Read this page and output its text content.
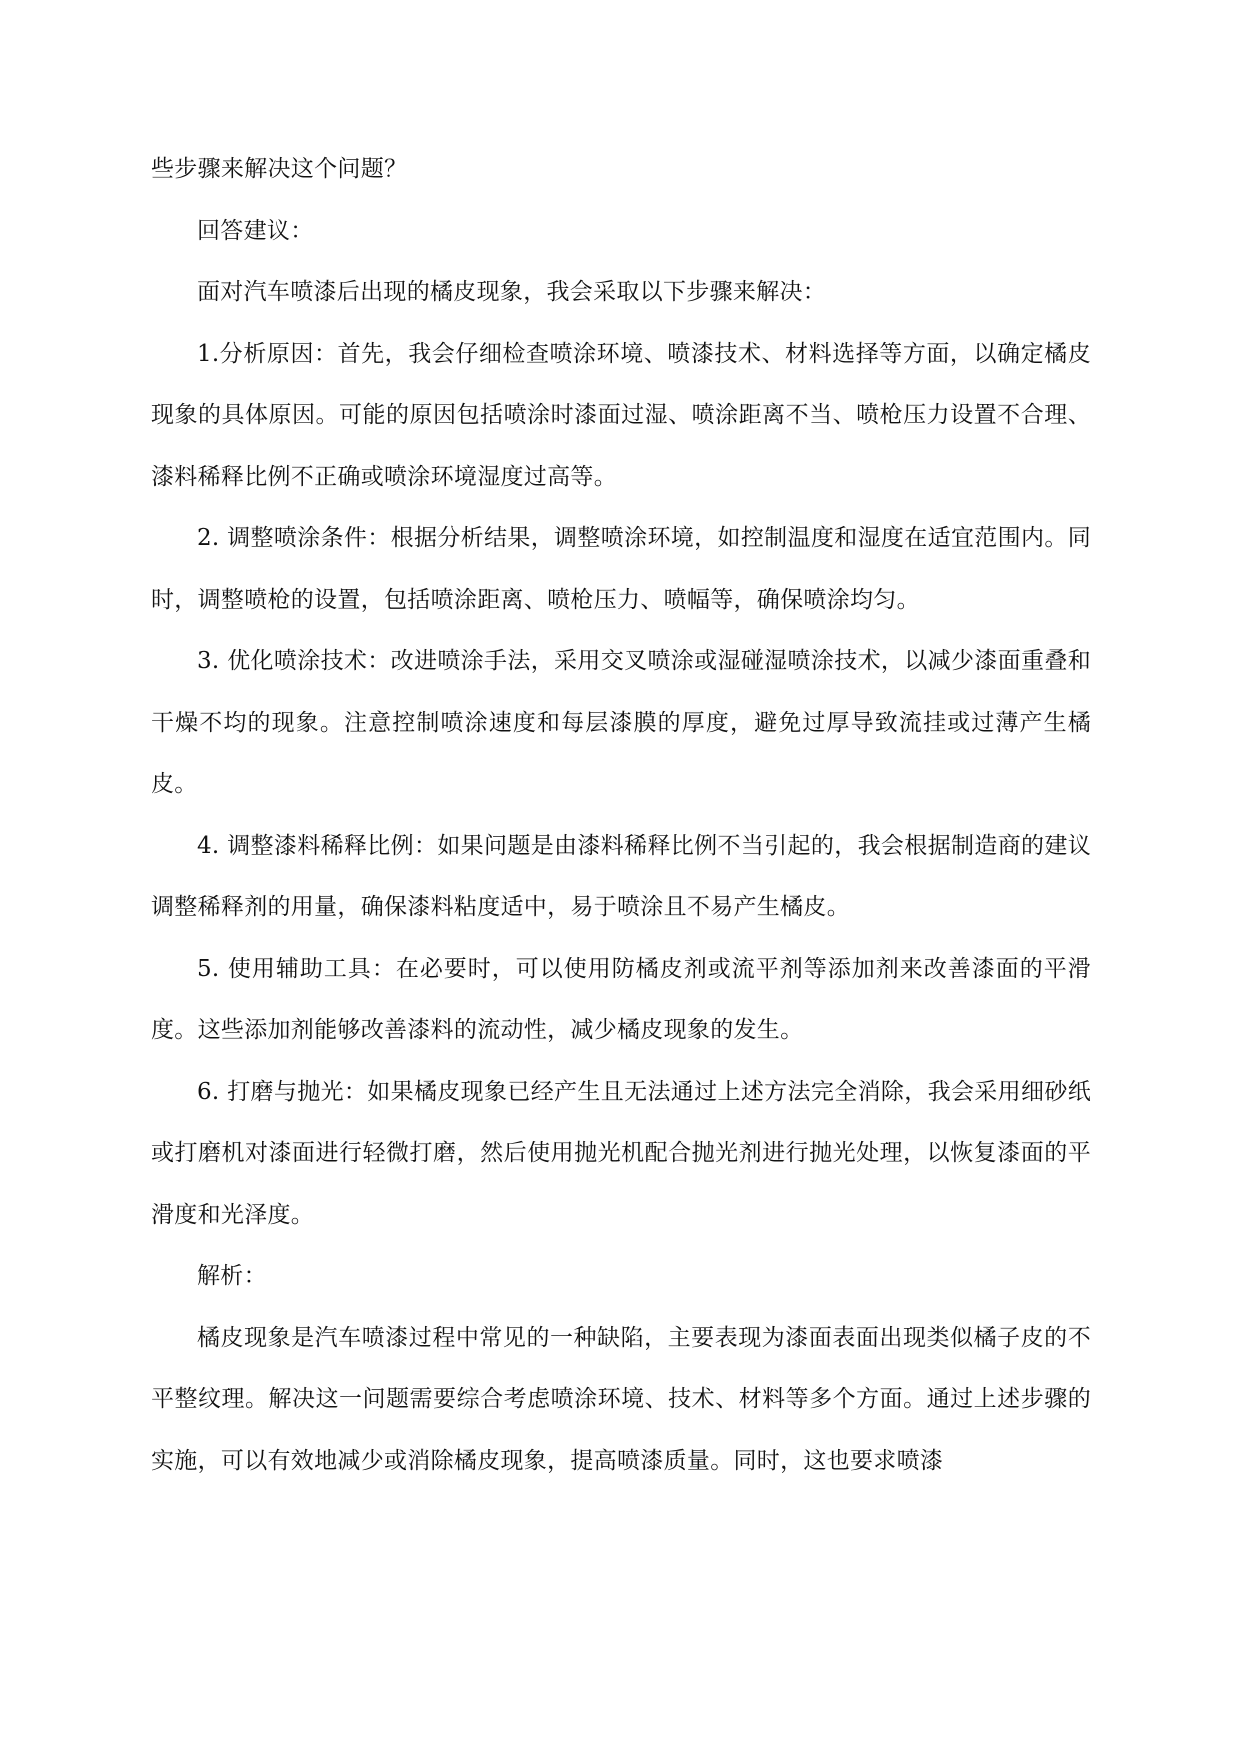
些步骤来解决这个问题？

回答建议：

面对汽车喷漆后出现的橘皮现象，我会采取以下步骤来解决：

1.分析原因：首先，我会仔细检查喷涂环境、喷漆技术、材料选择等方面，以确定橘皮现象的具体原因。可能的原因包括喷涂时漆面过湿、喷涂距离不当、喷枪压力设置不合理、漆料稀释比例不正确或喷涂环境湿度过高等。

2. 调整喷涂条件：根据分析结果，调整喷涂环境，如控制温度和湿度在适宜范围内。同时，调整喷枪的设置，包括喷涂距离、喷枪压力、喷幅等，确保喷涂均匀。

3. 优化喷涂技术：改进喷涂手法，采用交叉喷涂或湿碰湿喷涂技术，以减少漆面重叠和干燥不均的现象。注意控制喷涂速度和每层漆膜的厚度，避免过厚导致流挂或过薄产生橘皮。

4. 调整漆料稀释比例：如果问题是由漆料稀释比例不当引起的，我会根据制造商的建议调整稀释剂的用量，确保漆料粘度适中，易于喷涂且不易产生橘皮。

5. 使用辅助工具：在必要时，可以使用防橘皮剂或流平剂等添加剂来改善漆面的平滑度。这些添加剂能够改善漆料的流动性，减少橘皮现象的发生。

6. 打磨与抛光：如果橘皮现象已经产生且无法通过上述方法完全消除，我会采用细砂纸或打磨机对漆面进行轻微打磨，然后使用抛光机配合抛光剂进行抛光处理，以恢复漆面的平滑度和光泽度。

解析：

橘皮现象是汽车喷漆过程中常见的一种缺陷，主要表现为漆面表面出现类似橘子皮的不平整纹理。解决这一问题需要综合考虑喷涂环境、技术、材料等多个方面。通过上述步骤的实施，可以有效地减少或消除橘皮现象，提高喷漆质量。同时，这也要求喷漆
